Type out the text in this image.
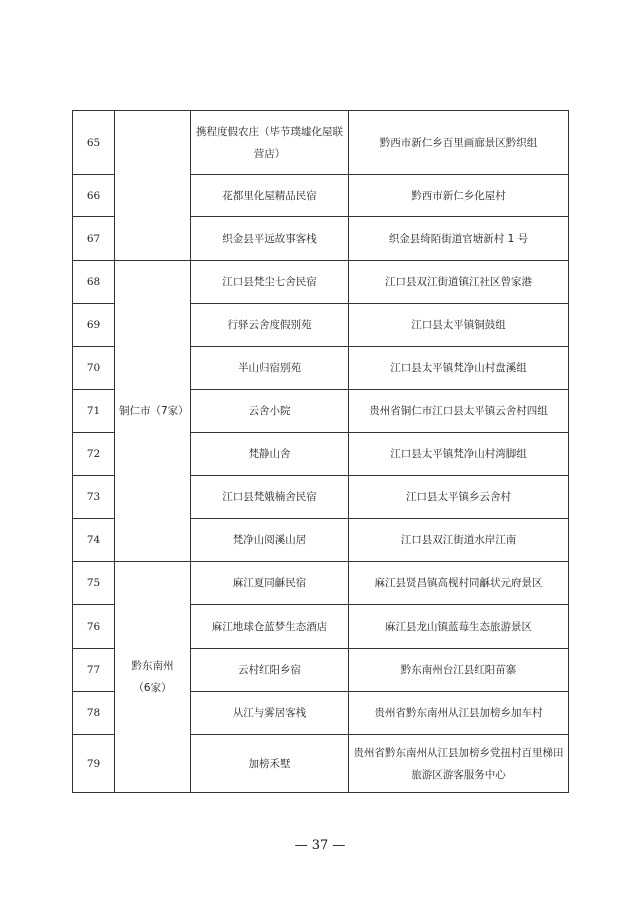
65		携程度假农庄（毕节璞墟化屋联营店）	黔西市新仁乡百里画廊景区黔织组
66		花都里化屋精品民宿	黔西市新仁乡化屋村
67		织金县平远故事客栈	织金县绮陌街道官塘新村 1 号
68	铜仁市（7家）	江口县梵尘七舍民宿	江口县双江街道镇江社区曾家港
69		行驿云舍度假别苑	江口县太平镇铜鼓组
70		半山归宿别苑	江口县太平镇梵净山村盘溪组
71		云舍小院	贵州省铜仁市江口县太平镇云舍村四组
72		梵静山舍	江口县太平镇梵净山村湾脚组
73		江口县梵娥楠舍民宿	江口县太平镇乡云舍村
74		梵净山阅溪山居	江口县双江街道水岸江南
75	黔东南州（6家）	麻江夏同龢民宿	麻江县贤昌镇高枧村同龢状元府景区
76		麻江地球仓蓝梦生态酒店	麻江县龙山镇蓝莓生态旅游景区
77		云村红阳乡宿	黔东南州台江县红阳苗寨
78		从江与雾居客栈	贵州省黔东南州从江县加榜乡加车村
79		加榜禾墅	贵州省黔东南州从江县加榜乡党扭村百里梯田旅游区游客服务中心
— 37 —
